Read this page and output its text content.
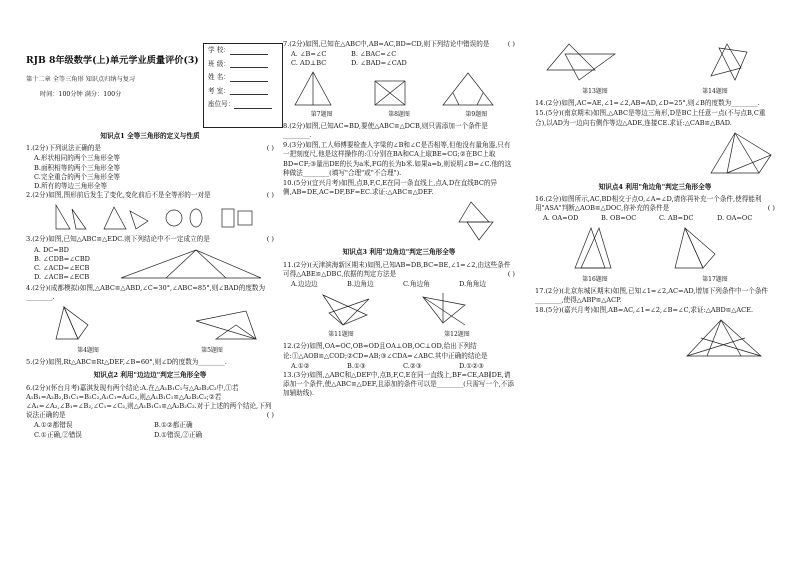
RJB 8年级数学(上)单元学业质量评价(3)
第十二章 全等三角形 知识点归纳与复习
时间：100分钟 满分：100分
学 校：
班 级：
姓 名：
考 室：
座位号：
知识点1 全等三角形的定义与性质
1.(2分)下列说法正确的是	( )
A.形状相同的两个三角形全等
B.面积相等的两个三角形全等
C.完全重合的两个三角形全等
D.所有的等边三角形全等
2.(2分)如图,图形前后发生了变化,变化前后不是全等形的一对是	( )
3.(2分)如图,已知△ABC≌△EDC.则下列结论中不一定成立的是	( )
A. DC=BD
B. ∠CDB=∠CBD
C. ∠ACD=∠ECB
D. ∠ACB=∠ECB
4.(2分)(成都模拟)如图,△ABC≌△ABD,∠C=30°,∠ABC=85°,则∠BAD的度数为________.
第4题图	第5题图
5.(2分)如图,Rt△ABC≌Rt△DEF,∠B=60°,则∠D的度数为________.
知识点2 利用"边边边"判定三角形全等
6.(2分)(怀台月考)嘉淇发现有两个结论:A.在△A₁B₁C₁与△A₂B₂C₂中,①若A₁B₁=A₂B₂,B₁C₁=B₂C₂,A₁C₁=A₂C₂,则△A₁B₁C₁≌△A₂B₂C₂;②若∠A₁=∠A₂,∠B₁=∠B₂,∠C₁=∠C₂,则△A₁B₁C₁≌△A₂B₂C₂.对于上述的两个结论,下列说法正确的是	( )
A.①②都错误	B.①②都正确
C.①正确,②错误	D.①错误,②正确
7.(2分)如图,已知在△ABC中,AB=AC,BD=CD,则下列结论中错误的是	( )
A. ∠B=∠C	B. ∠BAC=∠C
C. AD⊥BC	D. ∠BAD=∠CAD
第7题图	第8题图	第9题图
8.(2分)如图,已知AC=BD,要使△ABC≌△DCB,则只需添加一个条件是________.
9.(3分)如图,工人师傅要检查人字梁的∠B和∠C是否相等,但他没有量角器,只有一把刻度尺,他是这样操作的:①分别在BA和CA上取BE=CG;②在BC上取BD=CF;③量出DE的长为a米,FG的长为b米.如果a=b,则说明∠B=∠C.他的这种做法________(填写"合理"或"不合理").
10.(5分)(宜兴月考)如图,点B,F,C,E在同一条直线上,点A,D在直线BC的异侧,AB=DE,AC=DF,BF=EC.求证:△ABC≌△DEF.
知识点3 利用"边角边"判定三角形全等
11.(2分)(天津滨海新区期末)如图,已知AB=DB,BC=BE,∠1=∠2,由这些条件可得△ABE≌△DBC,依据的判定方法是	( )
A.边边边	B.边角边	C.角边角	D.角角边
第11题图	第12题图
12.(2分)如图,OA=OC,OB=OD且OA⊥OB,OC⊥OD,给出下列结论:①△AOB≌△COD;②CD=AB;③∠CDA=∠ABC.其中正确的结论是
A.①②	B.①③	C.②③	D.①②③
13.(3分)如图,△ABC和△DEF中,点B,F,C,E在同一直线上,BF=CE,AB∥DE,请添加一个条件,使△ABC≌△DEF,且添加的条件可以是________(只需写一个,不添加辅助线).
第13题图	第14题图
14.(2分)如图,AC=AE,∠1=∠2,AB=AD,∠D=25°,则∠B的度数为________.
15.(5分)(南京期末)如图,△ABC是等边三角形,D是BC上任意一点(不与点B,C重合),以AD为一边向右侧作等边△ADE,连接CE.求证:△CAB≌△BAD.
知识点4 利用"角边角"判定三角形全等
16.(2分)如图所示,AC,BD相交于点O,∠A=∠D,请你再补充一个条件,使得能利用"ASA"判断△AOB≌△DOC,你补充的条件是	( )
A. OA=OD	B. OB=OC	C. AB=DC	D. OA=OC
第16题图	第17题图
17.(2分)(北京东城区期末)如图,已知∠1=∠2,AC=AD,增加下列条件中一个条件________,使得△ABP≌△ACP.
18.(5分)(嘉兴月考)如图,AB=AC,∠1=∠2,∠B=∠C,求证:△ABD≌△ACE.
